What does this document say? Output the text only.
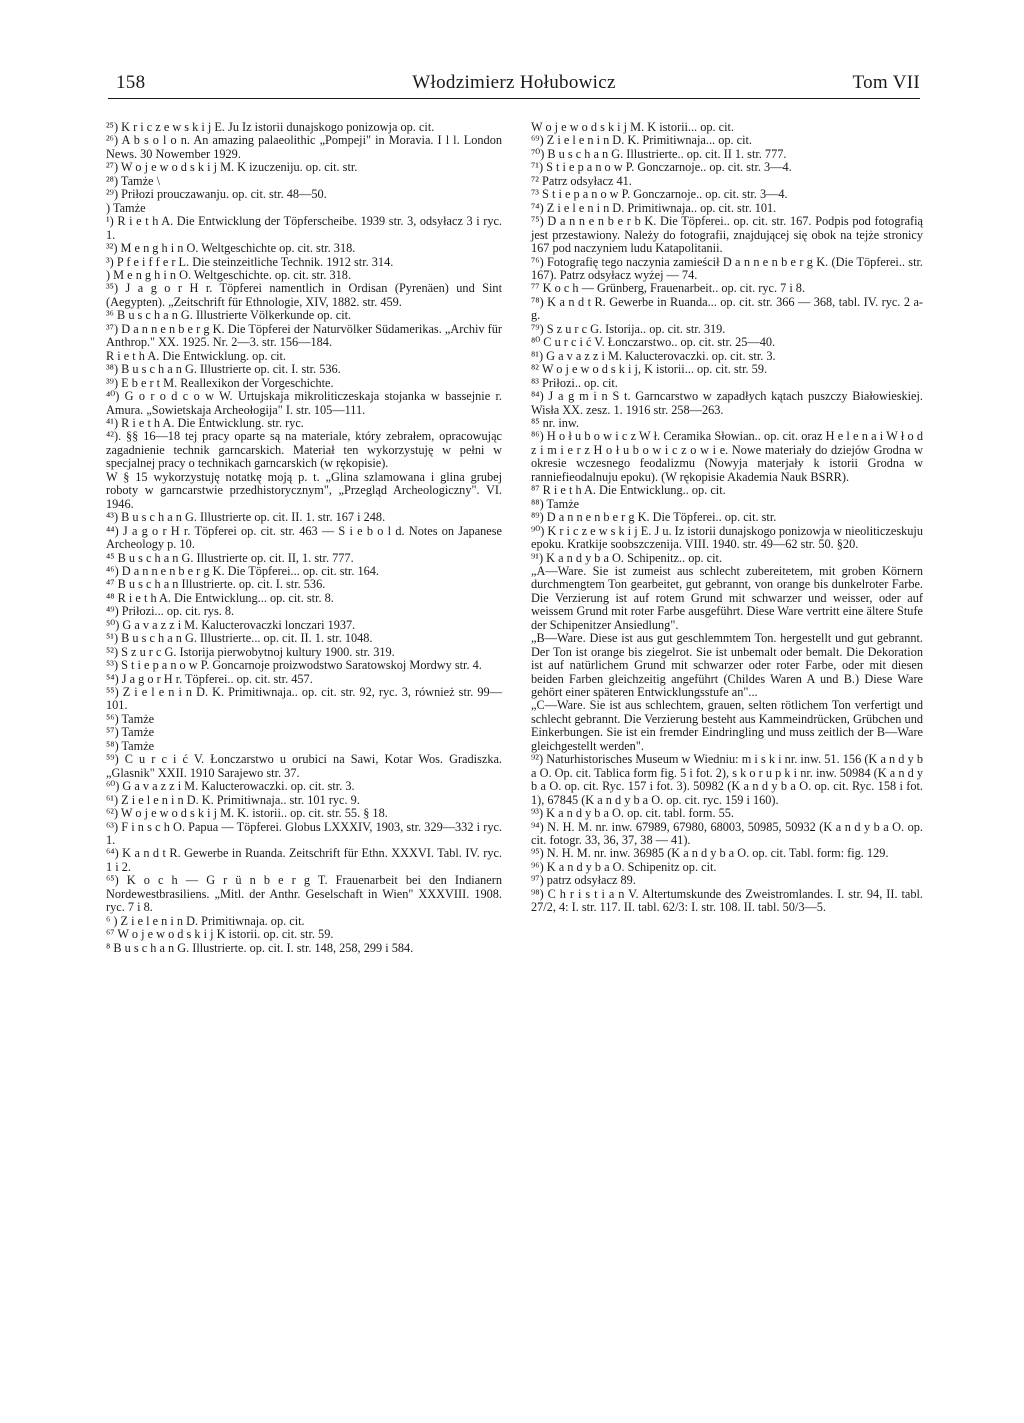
Włodzimierz Hołubowicz
158	Tom VII

²⁵) K r i c z e w s k i j E. Ju Iz istorii dunajskogo ponizowja op. cit.

²⁶) A b s o l o n. An amazing palaeolithic „Pompeji" in Moravia. I l l. London News. 30 Nowember 1929.

²⁷) W o j e w o d s k i j M. K izuczeniju. op. cit. str.

²⁸) Tamże \

²⁹) Priłozi prouczawanju. op. cit. str. 48—50.

) Tamże

¹) R i e t h A. Die Entwicklung der Töpferscheibe. 1939 str. 3, odsyłacz 3 i ryc. 1.

³²) M e n g h i n O. Weltgeschichte op. cit. str. 318.

³) P f e i f f e r L. Die steinzeitliche Technik. 1912 str. 314.

) M e n g h i n O. Weltgeschichte. op. cit. str. 318.

³⁵) J a g o r H r. Töpferei namentlich in Ordisan (Pyrenäen) und Sint (Aegypten). „Zeitschrift für Ethnologie, XIV, 1882. str. 459.

³⁶ B u s c h a n G. Illustrierte Völkerkunde op. cit.

³⁷) D a n n e n b e r g K. Die Töpferei der Naturvölker Südamerikas. „Archiv für Anthrop." XX. 1925. Nr. 2—3. str. 156—184.

R i e t h A. Die Entwicklung. op. cit.

³⁸) B u s c h a n G. Illustrierte op. cit. I. str. 536.

³⁹) E b e r t M. Reallexikon der Vorgeschichte.

⁴⁰) G o r o d c o w W. Urtujskaja mikroliticzeskaja stojanka w bassejnie r. Amura. „Sowietskaja Archeołogija" I. str. 105—111.

⁴¹) R i e t h A. Die Entwicklung. str. ryc.

⁴²). §§ 16—18 tej pracy oparte są na materiale, który zebrałem, opracowując zagadnienie technik garncarskich. Materiał ten wykorzystuję w pełni w specjalnej pracy o technikach garncarskich (w rękopisie).

W § 15 wykorzystuję notatkę moją p. t. „Glina szlamowana i glina grubej roboty w garncarstwie przedhistorycznym", „Przegląd Archeologiczny". VI. 1946.

⁴³) B u s c h a n G. Illustrierte op. cit. II. 1. str. 167 i 248.

⁴⁴) J a g o r H r. Töpferei op. cit. str. 463 — S i e b o l d. Notes on Japanese Archeology p. 10.

⁴⁵ B u s c h a n G. Illustrierte op. cit. II, 1. str. 777.

⁴⁶) D a n n e n b e r g K. Die Töpferei... op. cit. str. 164.

⁴⁷ B u s c h a n Illustrierte. op. cit. I. str. 536.

⁴⁸ R i e t h A. Die Entwicklung... op. cit. str. 8.

⁴⁹) Priłozi... op. cit. rys. 8.

⁵⁰) G a v a z z i M. Kalucterovaczki lonczari 1937.

⁵¹) B u s c h a n G. Illustrierte... op. cit. II. 1. str. 1048.

⁵²) S z u r c G. Istorija pierwobytnoj kultury 1900. str. 319.

⁵³) S t i e p a n o w P. Goncarnoje proizwodstwo Saratowskoj Mordwy str. 4.

⁵⁴) J a g o r H r. Töpferei.. op. cit. str. 457.

⁵⁵) Z i e l e n i n D. K. Primitiwnaja.. op. cit. str. 92, ryc. 3, również str. 99—101.

⁵⁶) Tamże

⁵⁷) Tamże

⁵⁸) Tamże

⁵⁹) C u r c i ć V. Łonczarstwo u orubici na Sawi, Kotar Wos. Gradiszka. „Glasnik" XXII. 1910 Sarajewo str. 37.

⁶⁰) G a v a z z i M. Kalucterowaczki. op. cit. str. 3.

⁶¹) Z i e l e n i n D. K. Primitiwnaja.. str. 101 ryc. 9.

⁶²) W o j e w o d s k i j M. K. istorii.. op. cit. str. 55. § 18.

⁶³) F i n s c h O. Papua — Töpferei. Globus LXXXIV, 1903, str. 329—332 i ryc. 1.

⁶⁴) K a n d t R. Gewerbe in Ruanda. Zeitschrift für Ethn. XXXVI. Tabl. IV. ryc. 1 i 2.

⁶⁵) K o c h — G r ü n b e r g T. Frauenarbeit bei den Indianern Nordewestbrasiliens. „Mitl. der Anthr. Geselschaft in Wien" XXXVIII. 1908. ryc. 7 i 8.

⁶ ) Z i e l e n i n D. Primitiwnaja. op. cit.

⁶⁷ W o j e w o d s k i j K istorii. op. cit. str. 59.

⁸ B u s c h a n G. Illustrierte. op. cit. I. str. 148, 258, 299 i 584.

W o j e w o d s k i j M. K istorii... op. cit.

⁶⁹) Z i e l e n i n D. K. Primitiwnaja... op. cit.

⁷⁰) B u s c h a n G. Illustrierte.. op. cit. II 1. str. 777.

⁷¹) S t i e p a n o w P. Gonczarnoje.. op. cit. str. 3—4.

⁷² Patrz odsyłacz 41.

⁷³ S t i e p a n o w P. Gonczarnoje.. op. cit. str. 3—4.

⁷⁴) Z i e l e n i n D. Primitiwnaja.. op. cit. str. 101.

⁷⁵) D a n n e n b e r b K. Die Töpferei.. op. cit. str. 167. Podpis pod fotografią jest przestawiony. Należy do fotografii, znajdującej się obok na tejże stronicy 167 pod naczyniem ludu Katapolitanii.

⁷⁶) Fotografię tego naczynia zamieścił D a n n e n b e r g K. (Die Töpferei.. str. 167). Patrz odsyłacz wyżej — 74.

⁷⁷ K o c h — Grünberg, Frauenarbeit.. op. cit. ryc. 7 i 8.

⁷⁸) K a n d t R. Gewerbe in Ruanda... op. cit. str. 366 — 368, tabl. IV. ryc. 2 a-g.

⁷⁹) S z u r c G. Istorija.. op. cit. str. 319.

⁸⁰ C u r c i ć V. Łonczarstwo.. op. cit. str. 25—40.

⁸¹) G a v a z z i M. Kalucterovaczki. op. cit. str. 3.

⁸² W o j e w o d s k i j, K istorii... op. cit. str. 59.

⁸³ Priłozi.. op. cit.

⁸⁴) J a g m i n S t. Garncarstwo w zapadłych kątach puszczy Białowieskiej. Wisła XX. zesz. 1. 1916 str. 258—263.

⁸⁵ nr. inw.

⁸⁶) H o ł u b o w i c z W ł. Ceramika Słowian.. op. cit. oraz H e l e n a i W ł o d z i m i e r z H o ł u b o w i c z o w i e. Nowe materiały do dziejów Grodna w okresie wczesnego feodalizmu (Nowyja materjały k istorii Grodna w ranniefieodalnuju epoku). (W rękopisie Akademia Nauk BSRR).

⁸⁷ R i e t h A. Die Entwicklung.. op. cit.

⁸⁸) Tamże

⁸⁹) D a n n e n b e r g K. Die Töpferei.. op. cit. str.

⁹⁰) K r i c z e w s k i j E. J u. Iz istorii dunajskogo ponizowja w nieoliticzeskuju epoku. Kratkije soobszczenija. VIII. 1940. str. 49—62 str. 50. §20.

⁹¹) K a n d y b a O. Schipenitz.. op. cit.

„A—Ware. Sie ist zumeist aus schlecht zubereitetem, mit groben Körnern durchmengtem Ton gearbeitet, gut gebrannt, von orange bis dunkelroter Farbe. Die Verzierung ist auf rotem Grund mit schwarzer und weisser, oder auf weissem Grund mit roter Farbe ausgeführt. Diese Ware vertritt eine ältere Stufe der Schipenitzer Ansiedlung".

„B—Ware. Diese ist aus gut geschlemmtem Ton. hergestellt und gut gebrannt. Der Ton ist orange bis ziegelrot. Sie ist unbemalt oder bemalt. Die Dekoration ist auf natürlichem Grund mit schwarzer oder roter Farbe, oder mit diesen beiden Farben gleichzeitig angeführt (Childes Waren A und B.) Diese Ware gehört einer späteren Entwicklungsstufe an"...

„C—Ware. Sie ist aus schlechtem, grauen, selten rötlichem Ton verfertigt und schlecht gebrannt. Die Verzierung besteht aus Kammeindrücken, Grübchen und Einkerbungen. Sie ist ein fremder Eindringling und muss zeitlich der B—Ware gleichgestellt werden".

⁹²) Naturhistorisches Museum w Wiedniu: m i s k i nr. inw. 51. 156 (K a n d y b a O. Op. cit. Tablica form fig. 5 i fot. 2), s k o r u p k i nr. inw. 50984 (K a n d y b a O. op. cit. Ryc. 157 i fot. 3). 50982 (K a n d y b a O. op. cit. Ryc. 158 i fot. 1), 67845 (K a n d y b a O. op. cit. ryc. 159 i 160).

⁹³) K a n d y b a O. op. cit. tabl. form. 55.

⁹⁴) N. H. M. nr. inw. 67989, 67980, 68003, 50985, 50932 (K a n d y b a O. op. cit. fotogr. 33, 36, 37, 38 — 41).

⁹⁵) N. H. M. nr. inw. 36985 (K a n d y b a O. op. cit. Tabl. form: fig. 129.

⁹⁶) K a n d y b a O. Schipenitz op. cit.

⁹⁷) patrz odsyłacz 89.

⁹⁸) C h r i s t i a n V. Altertumskunde des Zweistromlandes. I. str. 94, II. tabl. 27/2, 4: I. str. 117. II. tabl. 62/3: I. str. 108. II. tabl. 50/3—5.
